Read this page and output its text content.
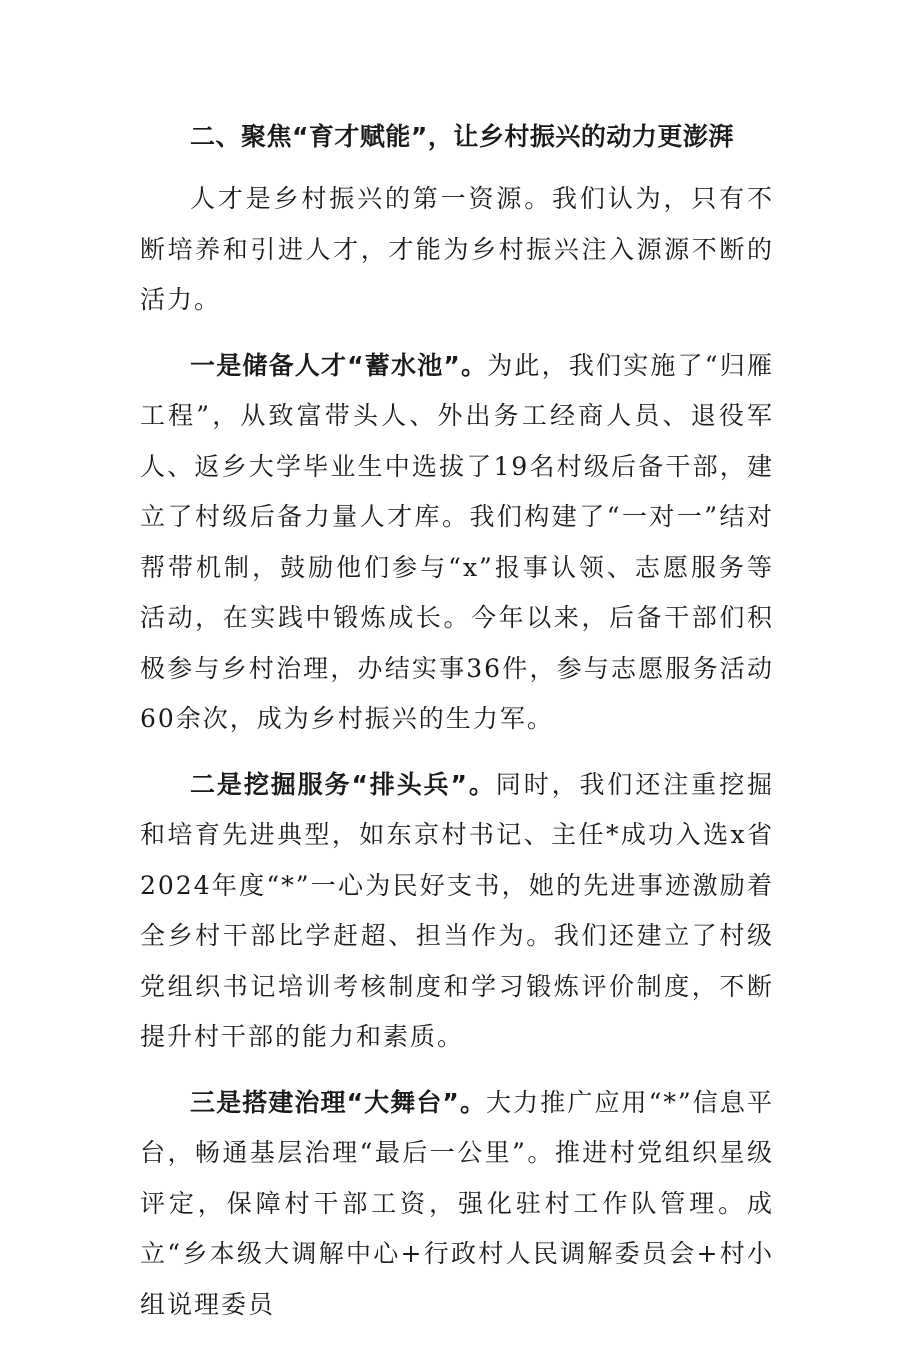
二、聚焦“育才赋能”，让乡村振兴的动力更澎湃

人才是乡村振兴的第一资源。我们认为，只有不断培养和引进人才，才能为乡村振兴注入源源不断的活力。

一是储备人才“蓄水池”。为此，我们实施了“归雁工程”，从致富带头人、外出务工经商人员、退役军人、返乡大学毕业生中选拔了19名村级后备干部，建立了村级后备力量人才库。我们构建了“一对一”结对帮带机制，鼓励他们参与“x”报事认领、志愿服务等活动，在实践中锻炼成长。今年以来，后备干部们积极参与乡村治理，办结实事36件，参与志愿服务活动60余次，成为乡村振兴的生力军。

二是挖掘服务“排头兵”。同时，我们还注重挖掘和培育先进典型，如东京村书记、主任*成功入选x省2024年度“*”一心为民好支书，她的先进事迹激励着全乡村干部比学赶超、担当作为。我们还建立了村级党组织书记培训考核制度和学习锻炼评价制度，不断提升村干部的能力和素质。

三是搭建治理“大舞台”。大力推广应用“*”信息平台，畅通基层治理“最后一公里”。推进村党组织星级评定，保障村干部工资，强化驻村工作队管理。成立“乡本级大调解中心+行政村人民调解委员会+村小组说理委员
